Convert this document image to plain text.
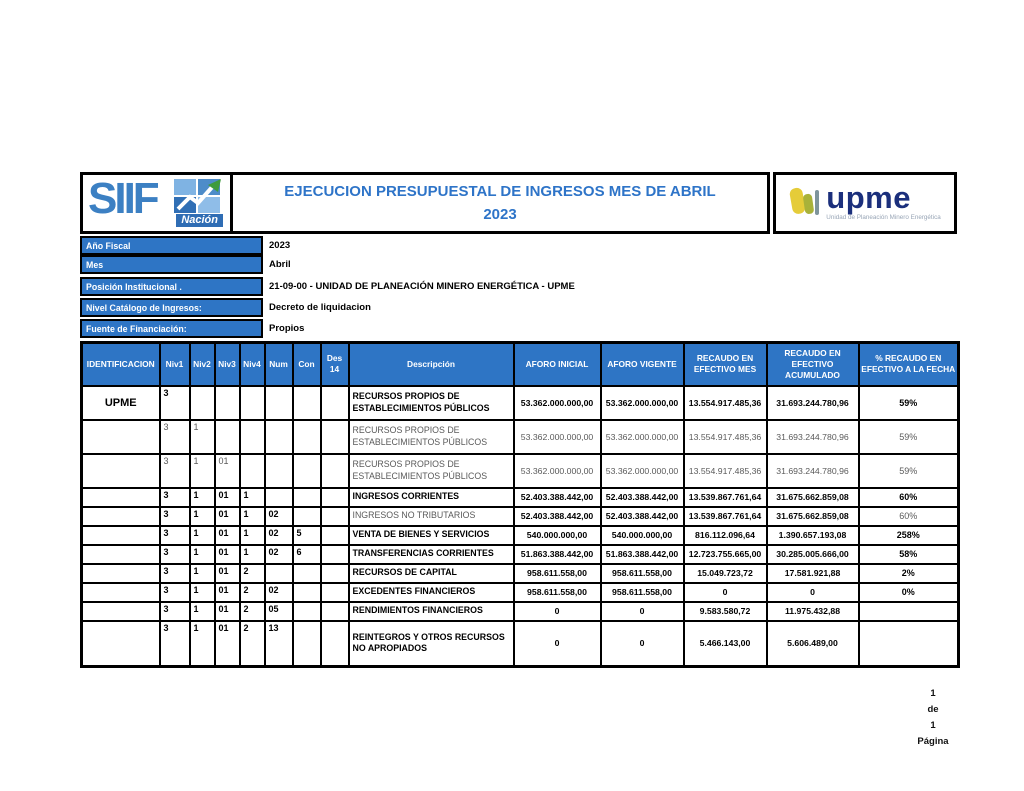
SIIF	Nación
EJECUCION PRESUPUESTAL DE INGRESOS MES DE ABRIL
2023	upme
Unidad de Planeación Minero Energética
Año Fiscal	2023
Mes	Abril
Posición Institucional .	21-09-00 - UNIDAD DE PLANEACIÓN MINERO ENERGÉTICA - UPME
Nivel Catálogo de Ingresos:	Decreto de liquidacion
Fuente de Financiación:	Propios
IDENTIFICACION	Niv1	Niv2	Niv3	Niv4	Num	Con	Des 14	Descripción	AFORO INICIAL	AFORO VIGENTE	RECAUDO EN EFECTIVO MES	RECAUDO EN EFECTIVO ACUMULADO	% RECAUDO EN EFECTIVO A LA FECHA
UPME	3							RECURSOS PROPIOS DE ESTABLECIMIENTOS PÚBLICOS	53.362.000.000,00	53.362.000.000,00	13.554.917.485,36	31.693.244.780,96	59%
	3	1						RECURSOS PROPIOS DE ESTABLECIMIENTOS PÚBLICOS	53.362.000.000,00	53.362.000.000,00	13.554.917.485,36	31.693.244.780,96	59%
	3	1	01					RECURSOS PROPIOS DE ESTABLECIMIENTOS PÚBLICOS	53.362.000.000,00	53.362.000.000,00	13.554.917.485,36	31.693.244.780,96	59%
	3	1	01	1				INGRESOS CORRIENTES	52.403.388.442,00	52.403.388.442,00	13.539.867.761,64	31.675.662.859,08	60%
	3	1	01	1	02			INGRESOS NO TRIBUTARIOS	52.403.388.442,00	52.403.388.442,00	13.539.867.761,64	31.675.662.859,08	60%
	3	1	01	1	02	5		VENTA DE BIENES Y SERVICIOS	540.000.000,00	540.000.000,00	816.112.096,64	1.390.657.193,08	258%
	3	1	01	1	02	6		TRANSFERENCIAS CORRIENTES	51.863.388.442,00	51.863.388.442,00	12.723.755.665,00	30.285.005.666,00	58%
	3	1	01	2				RECURSOS DE CAPITAL	958.611.558,00	958.611.558,00	15.049.723,72	17.581.921,88	2%
	3	1	01	2	02			EXCEDENTES FINANCIEROS	958.611.558,00	958.611.558,00	0	0	0%
	3	1	01	2	05			RENDIMIENTOS FINANCIEROS	0	0	9.583.580,72	11.975.432,88	
	3	1	01	2	13			REINTEGROS Y OTROS RECURSOS NO APROPIADOS	0	0	5.466.143,00	5.606.489,00	
1
de
1
Página
